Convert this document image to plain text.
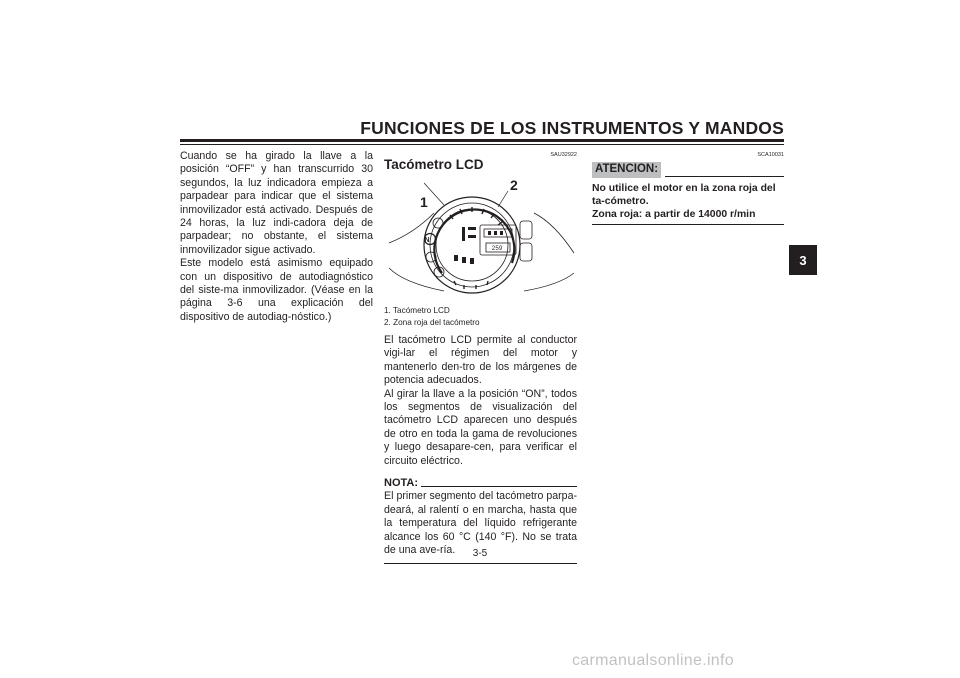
FUNCIONES DE LOS INSTRUMENTOS Y MANDOS
3

Cuando se ha girado la llave a la posición “OFF” y han transcurrido 30 segundos, la luz indicadora empieza a parpadear para indicar que el sistema inmovilizador está activado. Después de 24 horas, la luz indi-cadora deja de parpadear; no obstante, el sistema inmovilizador sigue activado.

Este modelo está asimismo equipado con un dispositivo de autodiagnóstico del siste-ma inmovilizador. (Véase en la página 3-6 una explicación del dispositivo de autodiag-nóstico.)

SAU32922
Tacómetro LCD
N
259
1
2
1. Tacómetro LCD
2. Zona roja del tacómetro

El tacómetro LCD permite al conductor vigi-lar el régimen del motor y mantenerlo den-tro de los márgenes de potencia adecuados.

Al girar la llave a la posición “ON”, todos los segmentos de visualización del tacómetro LCD aparecen uno después de otro en toda la gama de revoluciones y luego desapare-cen, para verificar el circuito eléctrico.

NOTA:

El primer segmento del tacómetro parpa-deará, al ralentí o en marcha, hasta que la temperatura del líquido refrigerante alcance los 60 °C (140 °F). No se trata de una ave-ría.

SCA10031
ATENCION:
No utilice el motor en la zona roja del ta-cómetro.
Zona roja: a partir de 14000 r/min
3-5
carmanualsonline.info
